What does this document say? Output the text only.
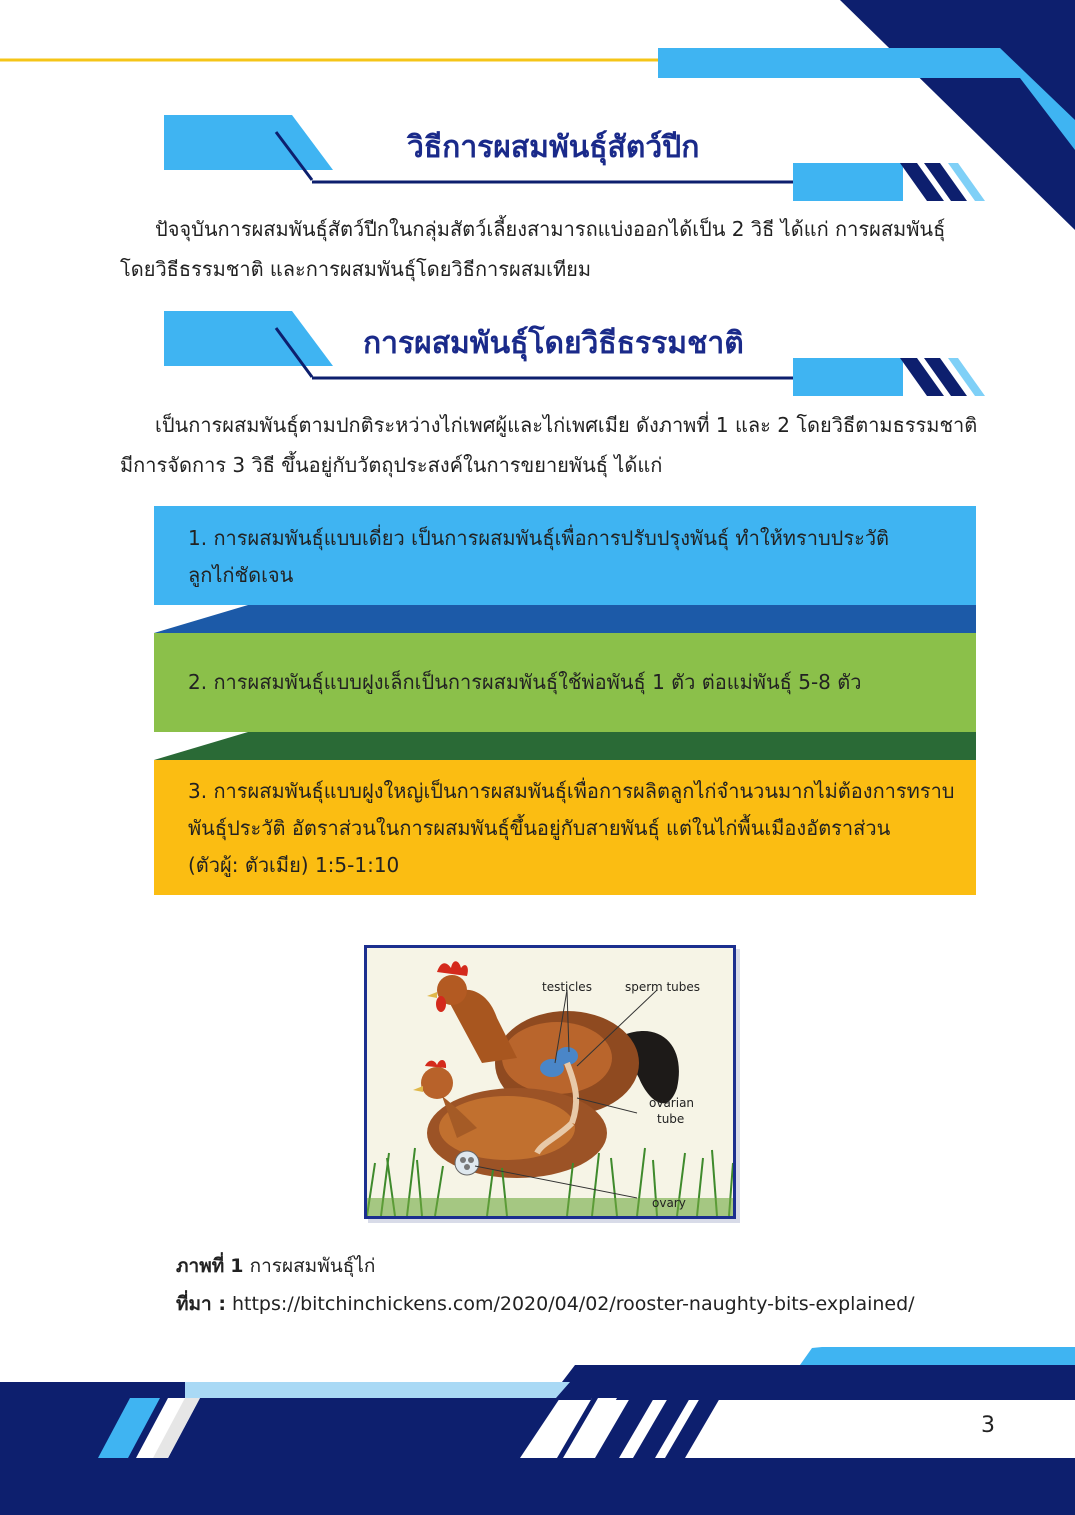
วิธีการผสมพันธุ์สัตว์ปีก
ปัจจุบันการผสมพันธุ์สัตว์ปีกในกลุ่มสัตว์เลี้ยงสามารถแบ่งออกได้เป็น 2 วิธี ได้แก่ การผสมพันธุ์
โดยวิธีธรรมชาติ และการผสมพันธุ์โดยวิธีการผสมเทียม
การผสมพันธุ์โดยวิธีธรรมชาติ
เป็นการผสมพันธุ์ตามปกติระหว่างไก่เพศผู้และไก่เพศเมีย ดังภาพที่ 1 และ 2 โดยวิธีตามธรรมชาติ
มีการจัดการ 3 วิธี ขึ้นอยู่กับวัตถุประสงค์ในการขยายพันธุ์ ได้แก่
1. การผสมพันธุ์แบบเดี่ยว เป็นการผสมพันธุ์เพื่อการปรับปรุงพันธุ์ ทำให้ทราบประวัติ
ลูกไก่ชัดเจน
2. การผสมพันธุ์แบบฝูงเล็กเป็นการผสมพันธุ์ใช้พ่อพันธุ์ 1 ตัว ต่อแม่พันธุ์ 5-8 ตัว
3. การผสมพันธุ์แบบฝูงใหญ่เป็นการผสมพันธุ์เพื่อการผลิตลูกไก่จำนวนมากไม่ต้องการทราบ
พันธุ์ประวัติ อัตราส่วนในการผสมพันธุ์ขึ้นอยู่กับสายพันธุ์ แต่ในไก่พื้นเมืองอัตราส่วน
(ตัวผู้: ตัวเมีย) 1:5-1:10
testicles	sperm tubes
ovarian
tube
ovary
ภาพที่ 1 การผสมพันธุ์ไก่
ที่มา : https://bitchinchickens.com/2020/04/02/rooster-naughty-bits-explained/
3
